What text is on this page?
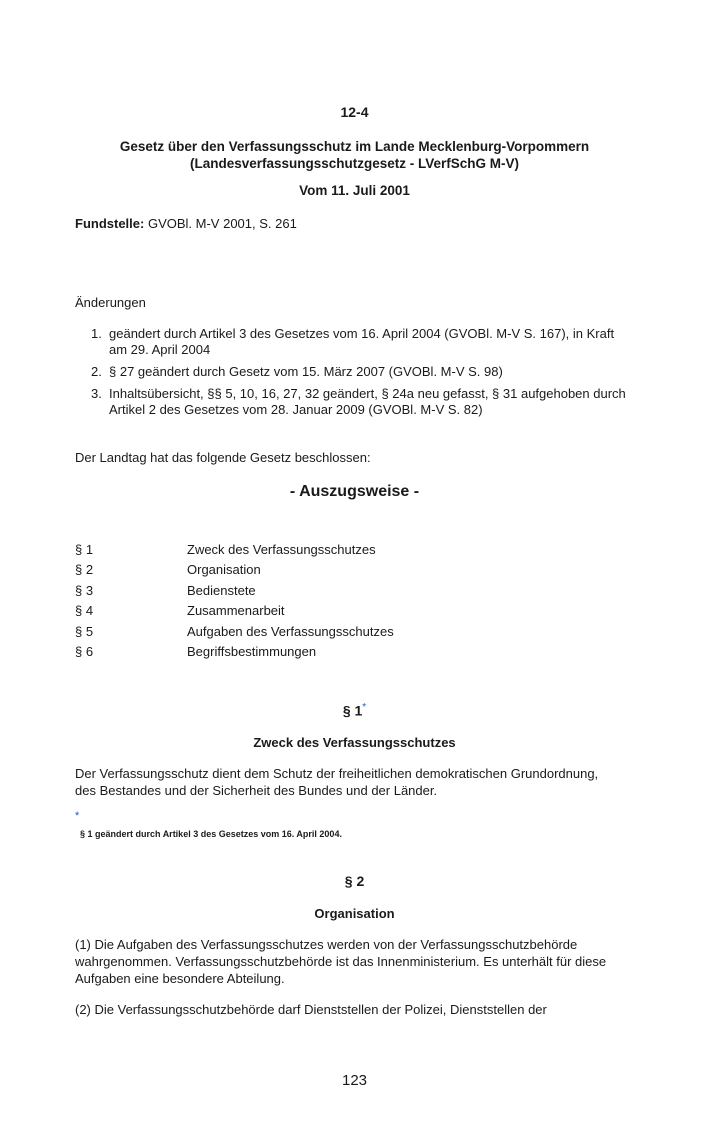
12-4
Gesetz über den Verfassungsschutz im Lande Mecklenburg-Vorpommern
(Landesverfassungsschutzgesetz - LVerfSchG M-V)
Vom 11. Juli 2001
Fundstelle: GVOBl. M-V 2001, S. 261
Änderungen
1. geändert durch Artikel 3 des Gesetzes vom 16. April 2004 (GVOBl. M-V S. 167), in Kraft am 29. April 2004
2. § 27 geändert durch Gesetz vom 15. März 2007 (GVOBl. M-V S. 98)
3. Inhaltsübersicht, §§ 5, 10, 16, 27, 32 geändert, § 24a neu gefasst, § 31 aufgehoben durch Artikel 2 des Gesetzes vom 28. Januar 2009 (GVOBl. M-V S. 82)
Der Landtag hat das folgende Gesetz beschlossen:
- Auszugsweise -
§ 1	Zweck des Verfassungsschutzes
§ 2	Organisation
§ 3	Bedienstete
§ 4	Zusammenarbeit
§ 5	Aufgaben des Verfassungsschutzes
§ 6	Begriffsbestimmungen
§ 1*
Zweck des Verfassungsschutzes
Der Verfassungsschutz dient dem Schutz der freiheitlichen demokratischen Grundordnung, des Bestandes und der Sicherheit des Bundes und der Länder.
*
§ 1 geändert durch Artikel 3 des Gesetzes vom 16. April 2004.
§ 2
Organisation
(1) Die Aufgaben des Verfassungsschutzes werden von der Verfassungsschutzbehörde wahrgenommen. Verfassungsschutzbehörde ist das Innenministerium. Es unterhält für diese Aufgaben eine besondere Abteilung.
(2) Die Verfassungsschutzbehörde darf Dienststellen der Polizei, Dienststellen der
123
